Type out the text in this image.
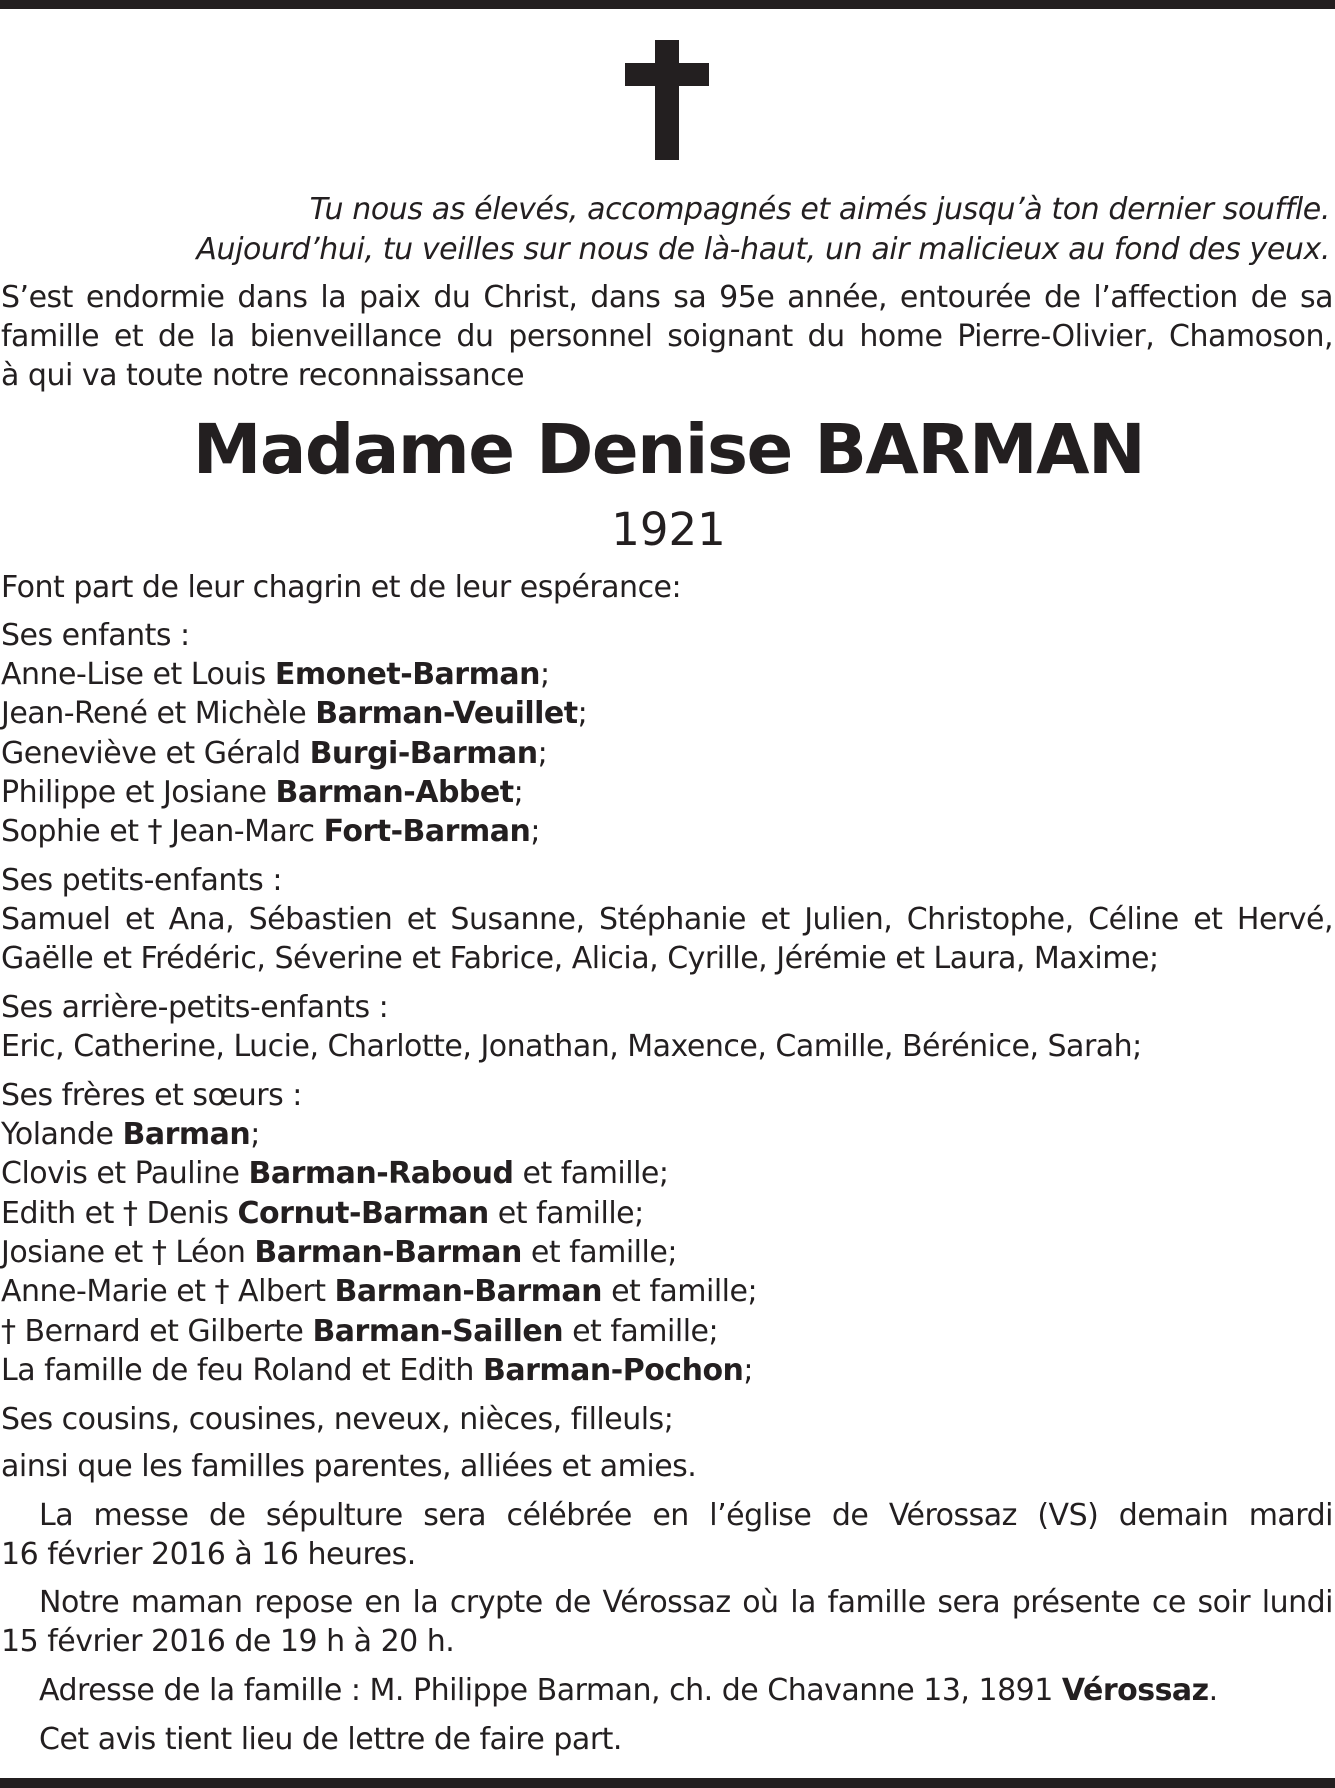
Tu nous as élevés, accompagnés et aimés jusqu’à ton dernier souffle.
Aujourd’hui, tu veilles sur nous de là-haut, un air malicieux au fond des yeux.
S’est endormie dans la paix du Christ, dans sa 95e année, entourée de l’affection de sa
famille et de la bienveillance du personnel soignant du home Pierre-Olivier, Chamoson,
à qui va toute notre reconnaissance
Madame Denise BARMAN
1921
Font part de leur chagrin et de leur espérance:
Ses enfants :
Anne-Lise et Louis Emonet-Barman;
Jean-René et Michèle Barman-Veuillet;
Geneviève et Gérald Burgi-Barman;
Philippe et Josiane Barman-Abbet;
Sophie et † Jean-Marc Fort-Barman;
Ses petits-enfants :
Samuel et Ana, Sébastien et Susanne, Stéphanie et Julien, Christophe, Céline et Hervé,
Gaëlle et Frédéric, Séverine et Fabrice, Alicia, Cyrille, Jérémie et Laura, Maxime;
Ses arrière-petits-enfants :
Eric, Catherine, Lucie, Charlotte, Jonathan, Maxence, Camille, Bérénice, Sarah;
Ses frères et sœurs :
Yolande Barman;
Clovis et Pauline Barman-Raboud et famille;
Edith et † Denis Cornut-Barman et famille;
Josiane et † Léon Barman-Barman et famille;
Anne-Marie et † Albert Barman-Barman et famille;
† Bernard et Gilberte Barman-Saillen et famille;
La famille de feu Roland et Edith Barman-Pochon;
Ses cousins, cousines, neveux, nièces, filleuls;
ainsi que les familles parentes, alliées et amies.
La messe de sépulture sera célébrée en l’église de Vérossaz (VS) demain mardi
16 février 2016 à 16 heures.
Notre maman repose en la crypte de Vérossaz où la famille sera présente ce soir lundi
15 février 2016 de 19 h à 20 h.
Adresse de la famille : M. Philippe Barman, ch. de Chavanne 13, 1891 Vérossaz.
Cet avis tient lieu de lettre de faire part.
